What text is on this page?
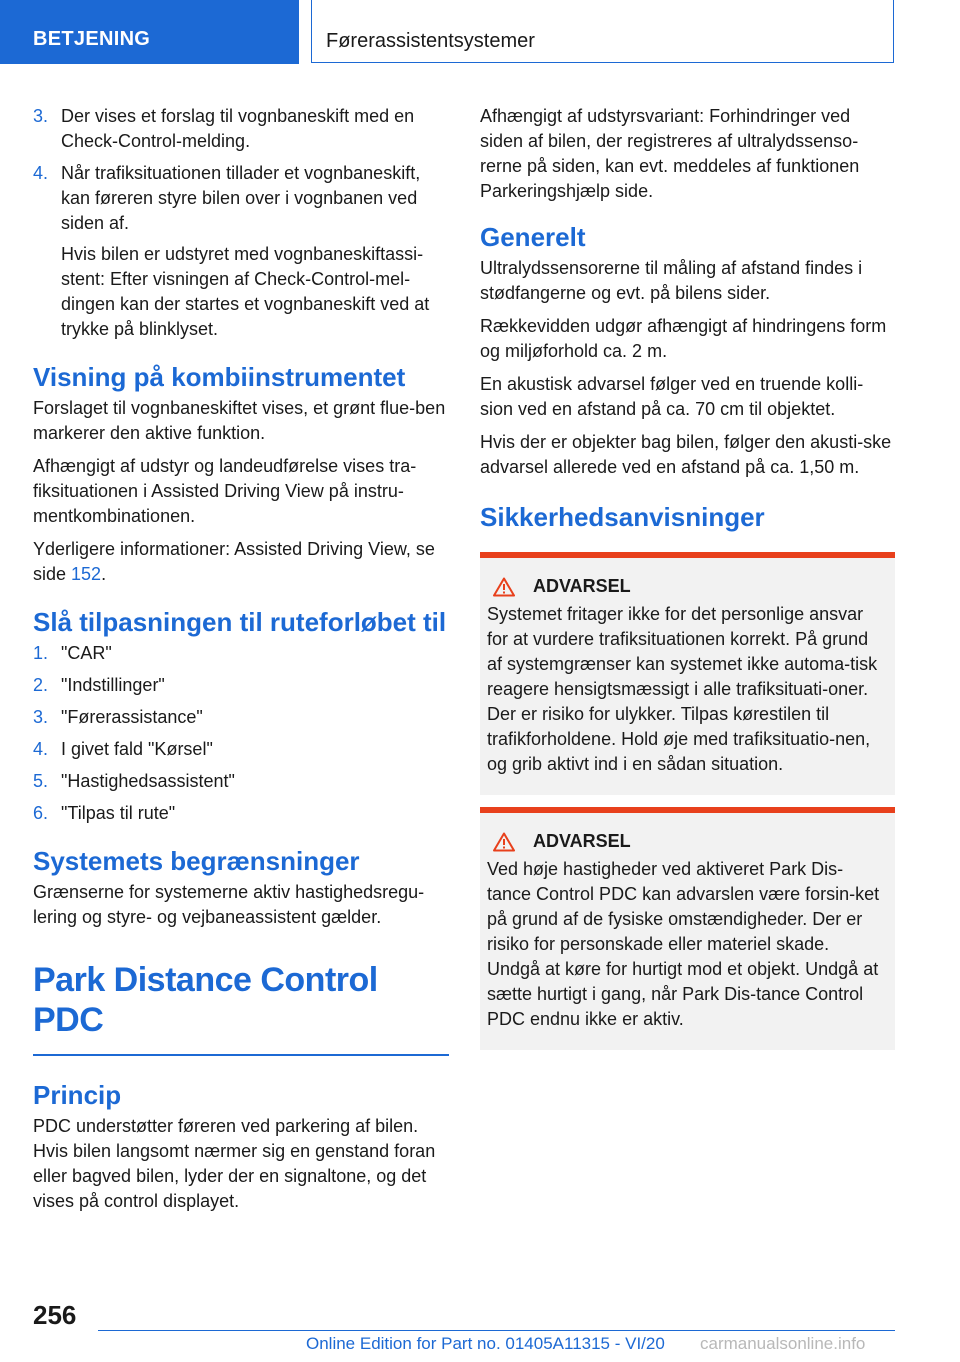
BETJENING	Førerassistentsystemer
3. Der vises et forslag til vognbaneskift med en Check-Control-melding.
4. Når trafiksituationen tillader et vognbaneskift, kan føreren styre bilen over i vognbanen ved siden af.

Hvis bilen er udstyret med vognbaneskiftassi-stent: Efter visningen af Check-Control-mel-dingen kan der startes et vognbaneskift ved at trykke på blinklyset.

Visning på kombiinstrumentet

Forslaget til vognbaneskiftet vises, et grønt flue-ben markerer den aktive funktion.

Afhængigt af udstyr og landeudførelse vises tra-fiksituationen i Assisted Driving View på instru-mentkombinationen.

Yderligere informationer: Assisted Driving View, se side 152.

Slå tilpasningen til ruteforløbet til
1. "CAR"
2. "Indstillinger"
3. "Førerassistance"
4. I givet fald "Kørsel"
5. "Hastighedsassistent"
6. "Tilpas til rute"
Systemets begrænsninger

Grænserne for systemerne aktiv hastighedsregu-lering og styre- og vejbaneassistent gælder.

Park Distance Control PDC
Princip

PDC understøtter føreren ved parkering af bilen. Hvis bilen langsomt nærmer sig en genstand foran eller bagved bilen, lyder der en signaltone, og det vises på control displayet.

Afhængigt af udstyrsvariant: Forhindringer ved siden af bilen, der registreres af ultralydssenso-rerne på siden, kan evt. meddeles af funktionen Parkeringshjælp side.

Generelt

Ultralydssensorerne til måling af afstand findes i stødfangerne og evt. på bilens sider.

Rækkevidden udgør afhængigt af hindringens form og miljøforhold ca. 2 m.

En akustisk advarsel følger ved en truende kolli-sion ved en afstand på ca. 70 cm til objektet.

Hvis der er objekter bag bilen, følger den akusti-ske advarsel allerede ved en afstand på ca. 1,50 m.

Sikkerhedsanvisninger
ADVARSEL

Systemet fritager ikke for det personlige ansvar for at vurdere trafiksituationen korrekt. På grund af systemgrænser kan systemet ikke automa-tisk reagere hensigtsmæssigt i alle trafiksituati-oner. Der er risiko for ulykker. Tilpas kørestilen til trafikforholdene. Hold øje med trafiksituatio-nen, og grib aktivt ind i en sådan situation.

ADVARSEL

Ved høje hastigheder ved aktiveret Park Dis-tance Control PDC kan advarslen være forsin-ket på grund af de fysiske omstændigheder. Der er risiko for personskade eller materiel skade. Undgå at køre for hurtigt mod et objekt. Undgå at sætte hurtigt i gang, når Park Dis-tance Control PDC endnu ikke er aktiv.

256
Online Edition for Part no. 01405A11315 - VI/20 carmanualsonline.info
